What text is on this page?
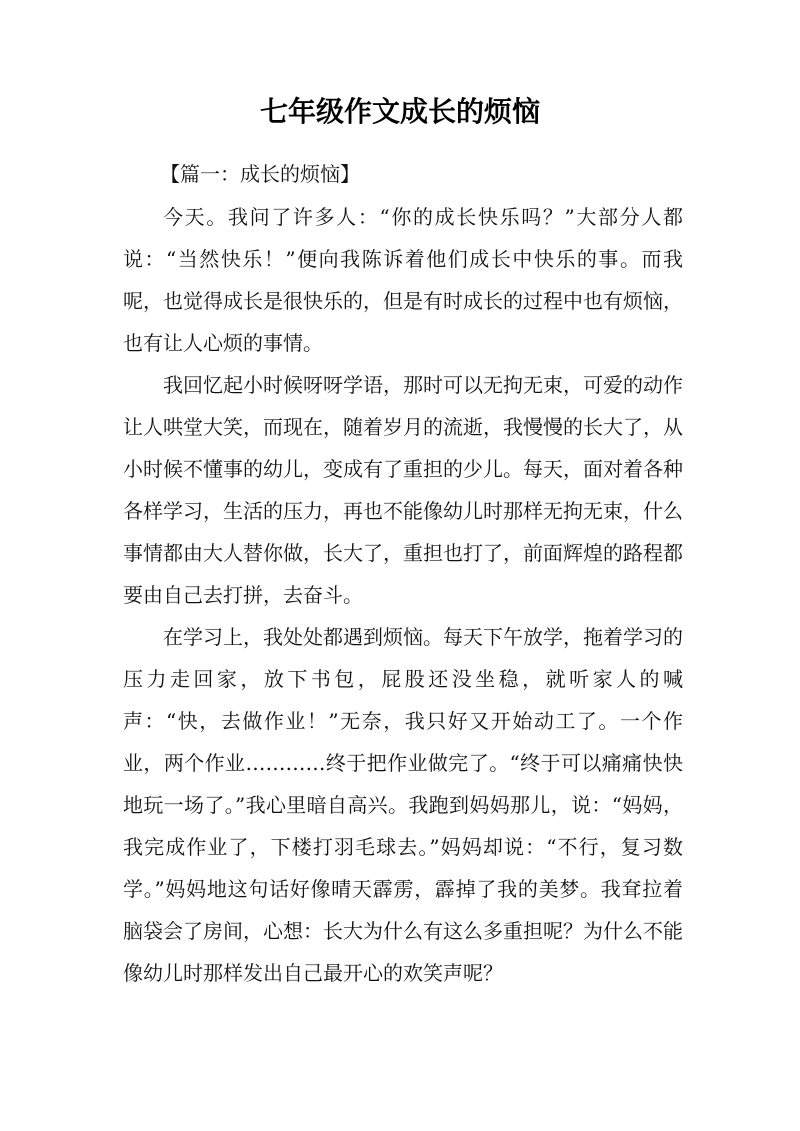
七年级作文成长的烦恼

【篇一：成长的烦恼】

今天。我问了许多人：“你的成长快乐吗？”大部分人都说：“当然快乐！”便向我陈诉着他们成长中快乐的事。而我呢，也觉得成长是很快乐的，但是有时成长的过程中也有烦恼，也有让人心烦的事情。

我回忆起小时候呀呀学语，那时可以无拘无束，可爱的动作让人哄堂大笑，而现在，随着岁月的流逝，我慢慢的长大了，从小时候不懂事的幼儿，变成有了重担的少儿。每天，面对着各种各样学习，生活的压力，再也不能像幼儿时那样无拘无束，什么事情都由大人替你做，长大了，重担也打了，前面辉煌的路程都要由自己去打拼，去奋斗。

在学习上，我处处都遇到烦恼。每天下午放学，拖着学习的压力走回家，放下书包，屁股还没坐稳，就听家人的喊声：“快，去做作业！”无奈，我只好又开始动工了。一个作业，两个作业…………终于把作业做完了。“终于可以痛痛快快地玩一场了。”我心里暗自高兴。我跑到妈妈那儿，说：“妈妈，我完成作业了，下楼打羽毛球去。”妈妈却说：“不行，复习数学。”妈妈地这句话好像晴天霹雳，霹掉了我的美梦。我耷拉着脑袋会了房间，心想：长大为什么有这么多重担呢？为什么不能像幼儿时那样发出自己最开心的欢笑声呢？
